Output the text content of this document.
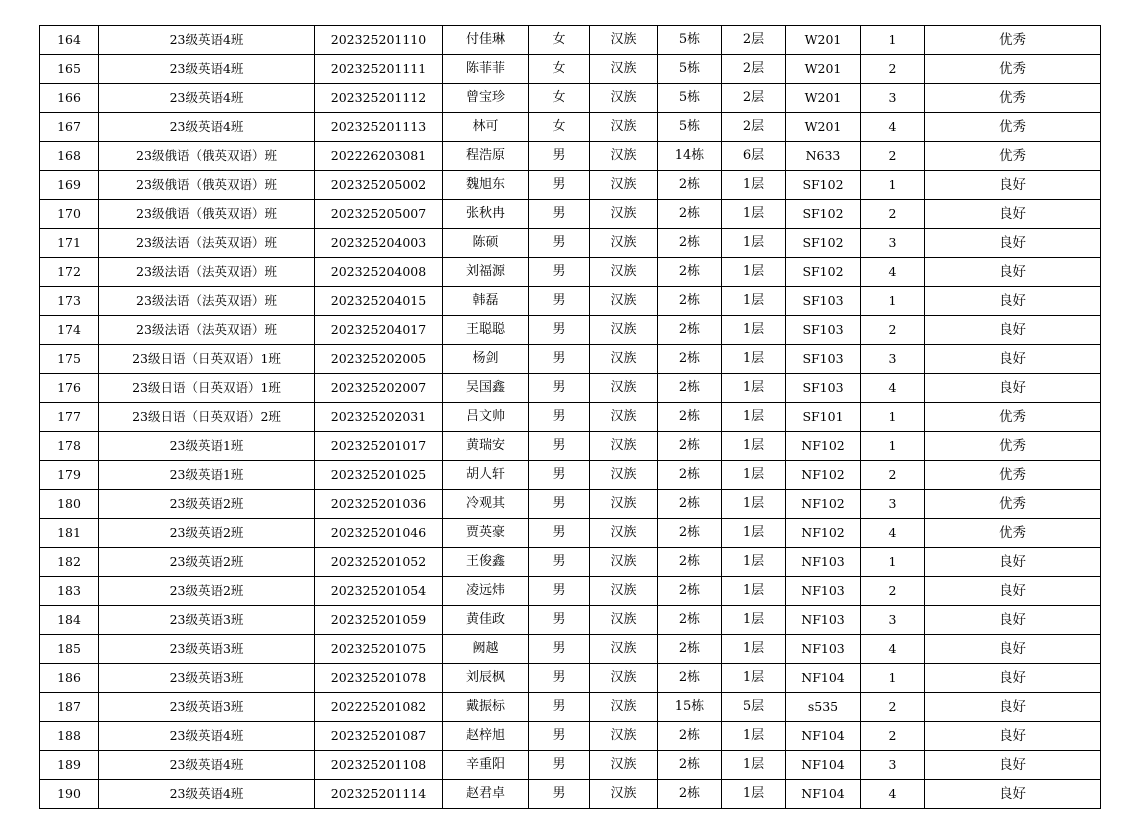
164	23级英语4班	202325201110	付佳琳	女	汉族	5栋	2层	W201	1	优秀
165	23级英语4班	202325201111	陈菲菲	女	汉族	5栋	2层	W201	2	优秀
166	23级英语4班	202325201112	曾宝珍	女	汉族	5栋	2层	W201	3	优秀
167	23级英语4班	202325201113	林可	女	汉族	5栋	2层	W201	4	优秀
168	23级俄语（俄英双语）班	202226203081	程浩原	男	汉族	14栋	6层	N633	2	优秀
169	23级俄语（俄英双语）班	202325205002	魏旭东	男	汉族	2栋	1层	SF102	1	良好
170	23级俄语（俄英双语）班	202325205007	张秋冉	男	汉族	2栋	1层	SF102	2	良好
171	23级法语（法英双语）班	202325204003	陈硕	男	汉族	2栋	1层	SF102	3	良好
172	23级法语（法英双语）班	202325204008	刘福源	男	汉族	2栋	1层	SF102	4	良好
173	23级法语（法英双语）班	202325204015	韩磊	男	汉族	2栋	1层	SF103	1	良好
174	23级法语（法英双语）班	202325204017	王聪聪	男	汉族	2栋	1层	SF103	2	良好
175	23级日语（日英双语）1班	202325202005	杨剑	男	汉族	2栋	1层	SF103	3	良好
176	23级日语（日英双语）1班	202325202007	吴国鑫	男	汉族	2栋	1层	SF103	4	良好
177	23级日语（日英双语）2班	202325202031	吕文帅	男	汉族	2栋	1层	SF101	1	优秀
178	23级英语1班	202325201017	黄瑞安	男	汉族	2栋	1层	NF102	1	优秀
179	23级英语1班	202325201025	胡人轩	男	汉族	2栋	1层	NF102	2	优秀
180	23级英语2班	202325201036	冷观其	男	汉族	2栋	1层	NF102	3	优秀
181	23级英语2班	202325201046	贾英豪	男	汉族	2栋	1层	NF102	4	优秀
182	23级英语2班	202325201052	王俊鑫	男	汉族	2栋	1层	NF103	1	良好
183	23级英语2班	202325201054	凌远炜	男	汉族	2栋	1层	NF103	2	良好
184	23级英语3班	202325201059	黄佳政	男	汉族	2栋	1层	NF103	3	良好
185	23级英语3班	202325201075	阙越	男	汉族	2栋	1层	NF103	4	良好
186	23级英语3班	202325201078	刘辰枫	男	汉族	2栋	1层	NF104	1	良好
187	23级英语3班	202225201082	戴振标	男	汉族	15栋	5层	s535	2	良好
188	23级英语4班	202325201087	赵梓旭	男	汉族	2栋	1层	NF104	2	良好
189	23级英语4班	202325201108	辛重阳	男	汉族	2栋	1层	NF104	3	良好
190	23级英语4班	202325201114	赵君卓	男	汉族	2栋	1层	NF104	4	良好
